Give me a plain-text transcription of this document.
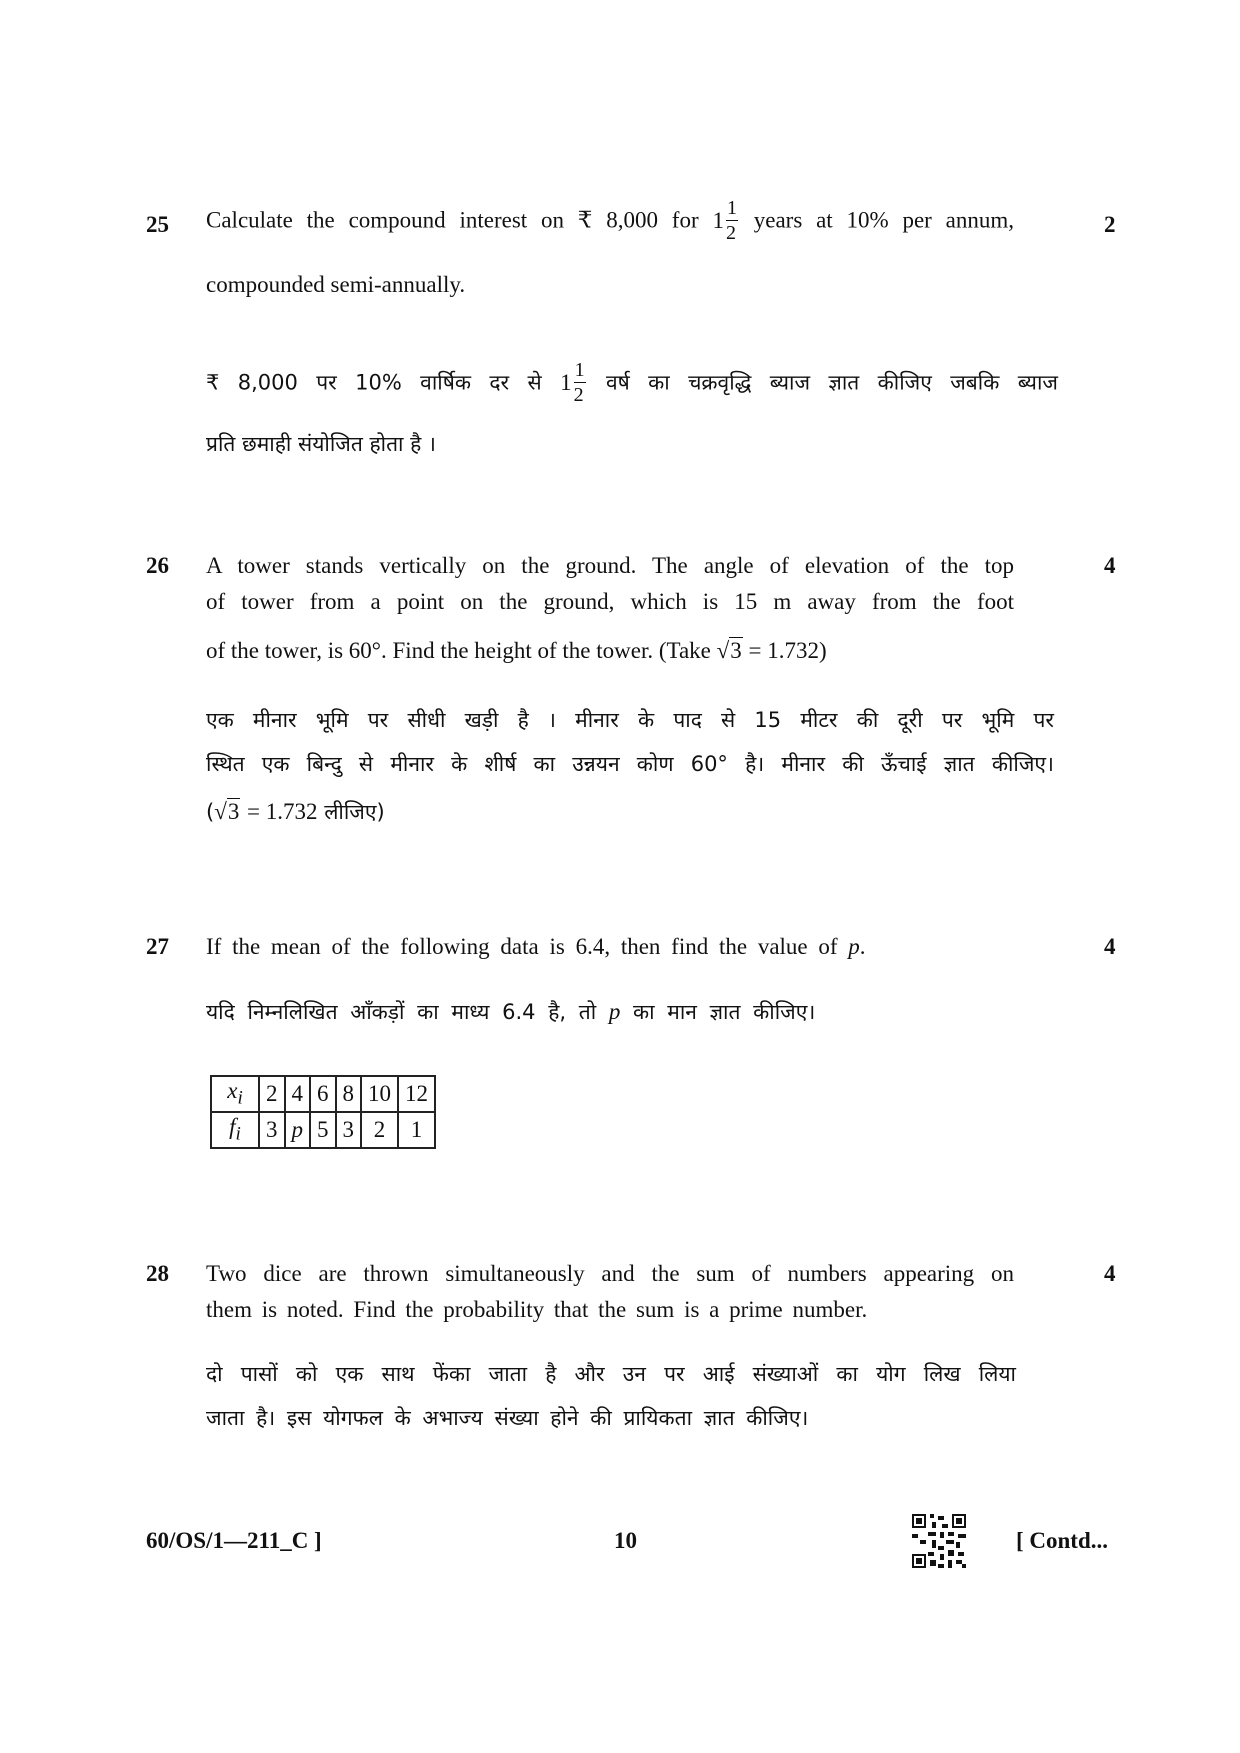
25	2
Calculate the compound interest on ₹ 8,000 for $1 \frac{1}{2}$ years at 10% per annum,
compounded semi-annually.
₹ 8,000 पर 10% वार्षिक दर से $1 \frac{1}{2}$ वर्ष का चक्रवृद्धि ब्याज ज्ञात कीजिए जबकि ब्याज
प्रति छमाही संयोजित होता है ।
26	4
A tower stands vertically on the ground. The angle of elevation of the top
of tower from a point on the ground, which is 15 m away from the foot
of the tower, is 60°. Find the height of the tower. (Take √3 = 1.732)
एक मीनार भूमि पर सीधी खड़ी है । मीनार के पाद से 15 मीटर की दूरी पर भूमि पर
स्थित एक बिन्दु से मीनार के शीर्ष का उन्नयन कोण 60° है। मीनार की ऊँचाई ज्ञात कीजिए।
(√3 = 1.732 लीजिए)
27	4
If the mean of the following data is 6.4, then find the value of p.
यदि निम्नलिखित आँकड़ों का माध्य 6.4 है, तो p का मान ज्ञात कीजिए।
$x_i$	2	4	6	8	10	12
$f_i$	3	p	5	3	2	1
28	4
Two dice are thrown simultaneously and the sum of numbers appearing on
them is noted. Find the probability that the sum is a prime number.
दो पासों को एक साथ फेंका जाता है और उन पर आई संख्याओं का योग लिख लिया
जाता है। इस योगफल के अभाज्य संख्या होने की प्रायिकता ज्ञात कीजिए।
60/OS/1—211_C ]	10	[ Contd...
